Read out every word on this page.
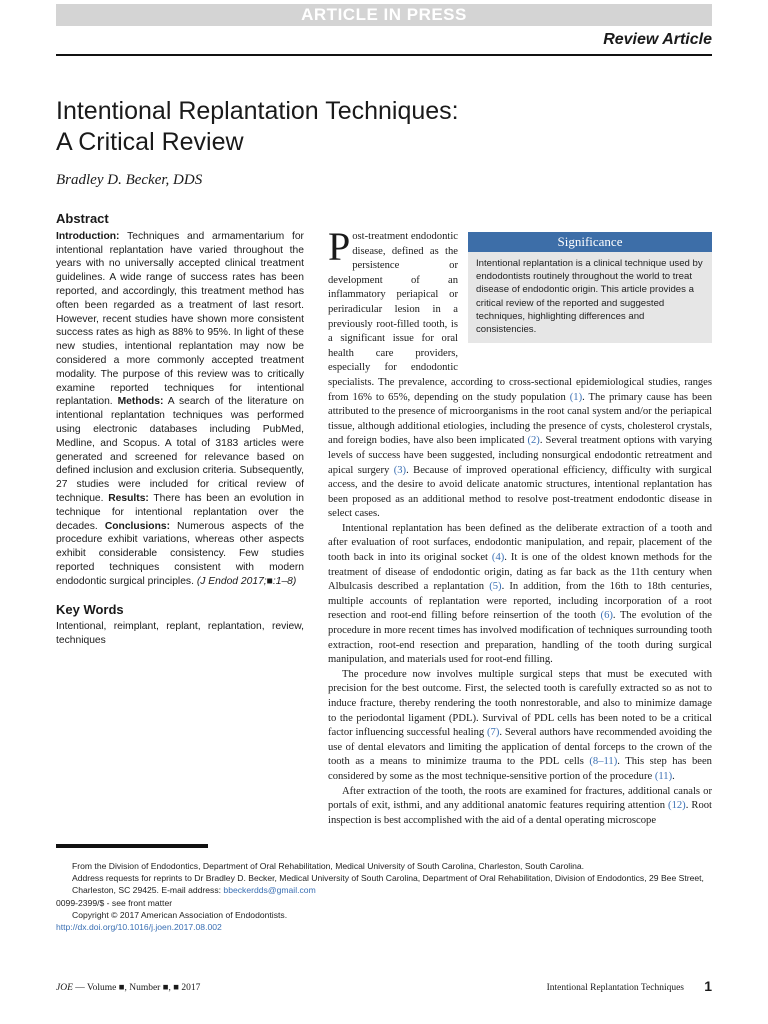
ARTICLE IN PRESS
Review Article
Intentional Replantation Techniques:
A Critical Review
Bradley D. Becker, DDS
Abstract

Introduction: Techniques and armamentarium for intentional replantation have varied throughout the years with no universally accepted clinical treatment guidelines. A wide range of success rates has been reported, and accordingly, this treatment method has often been regarded as a treatment of last resort. However, recent studies have shown more consistent success rates as high as 88% to 95%. In light of these new studies, intentional replantation may now be considered a more commonly accepted treatment modality. The purpose of this review was to critically examine reported techniques for intentional replantation. Methods: A search of the literature on intentional replantation techniques was performed using electronic databases including PubMed, Medline, and Scopus. A total of 3183 articles were generated and screened for relevance based on defined inclusion and exclusion criteria. Subsequently, 27 studies were included for critical review of technique. Results: There has been an evolution in technique for intentional replantation over the decades. Conclusions: Numerous aspects of the procedure exhibit variations, whereas other aspects exhibit considerable consistency. Few studies reported techniques consistent with modern endodontic surgical principles. (J Endod 2017;■:1–8)

Key Words

Intentional, reimplant, replant, replantation, review, techniques

Significance
Intentional replantation is a clinical technique used by endodontists routinely throughout the world to treat disease of endodontic origin. This article provides a critical review of the reported and suggested techniques, highlighting differences and consistencies.

Post-treatment endodontic disease, defined as the persistence or development of an inflammatory periapical or periradicular lesion in a previously root-filled tooth, is a significant issue for oral health care providers, especially for endodontic specialists. The prevalence, according to cross-sectional epidemiological studies, ranges from 16% to 65%, depending on the study population (1). The primary cause has been attributed to the presence of microorganisms in the root canal system and/or the periapical tissue, although additional etiologies, including the presence of cysts, cholesterol crystals, and foreign bodies, have also been implicated (2). Several treatment options with varying levels of success have been suggested, including nonsurgical endodontic retreatment and apical surgery (3). Because of improved operational efficiency, difficulty with surgical access, and the desire to avoid delicate anatomic structures, intentional replantation has been proposed as an additional method to resolve post-treatment endodontic disease in select cases.

Intentional replantation has been defined as the deliberate extraction of a tooth and after evaluation of root surfaces, endodontic manipulation, and repair, placement of the tooth back in into its original socket (4). It is one of the oldest known methods for the treatment of disease of endodontic origin, dating as far back as the 11th century when Albulcasis described a replantation (5). In addition, from the 16th to 18th centuries, multiple accounts of replantation were reported, including incorporation of a root resection and root-end filling before reinsertion of the tooth (6). The evolution of the procedure in more recent times has involved modification of techniques surrounding tooth extraction, root-end resection and preparation, handling of the tooth during surgical manipulation, and materials used for root-end filling.

The procedure now involves multiple surgical steps that must be executed with precision for the best outcome. First, the selected tooth is carefully extracted so as not to induce fracture, thereby rendering the tooth nonrestorable, and also to minimize damage to the periodontal ligament (PDL). Survival of PDL cells has been noted to be a critical factor influencing successful healing (7). Several authors have recommended avoiding the use of dental elevators and limiting the application of dental forceps to the crown of the tooth as a means to minimize trauma to the PDL cells (8–11). This step has been considered by some as the most technique-sensitive portion of the procedure (11).

After extraction of the tooth, the roots are examined for fractures, additional canals or portals of exit, isthmi, and any additional anatomic features requiring attention (12). Root inspection is best accomplished with the aid of a dental operating microscope

From the Division of Endodontics, Department of Oral Rehabilitation, Medical University of South Carolina, Charleston, South Carolina.
Address requests for reprints to Dr Bradley D. Becker, Medical University of South Carolina, Department of Oral Rehabilitation, Division of Endodontics, 29 Bee Street, Charleston, SC 29425. E-mail address: bbeckerdds@gmail.com
0099-2399/$ - see front matter
Copyright © 2017 American Association of Endodontists.
http://dx.doi.org/10.1016/j.joen.2017.08.002
JOE — Volume ■, Number ■, ■ 2017	Intentional Replantation Techniques 1
